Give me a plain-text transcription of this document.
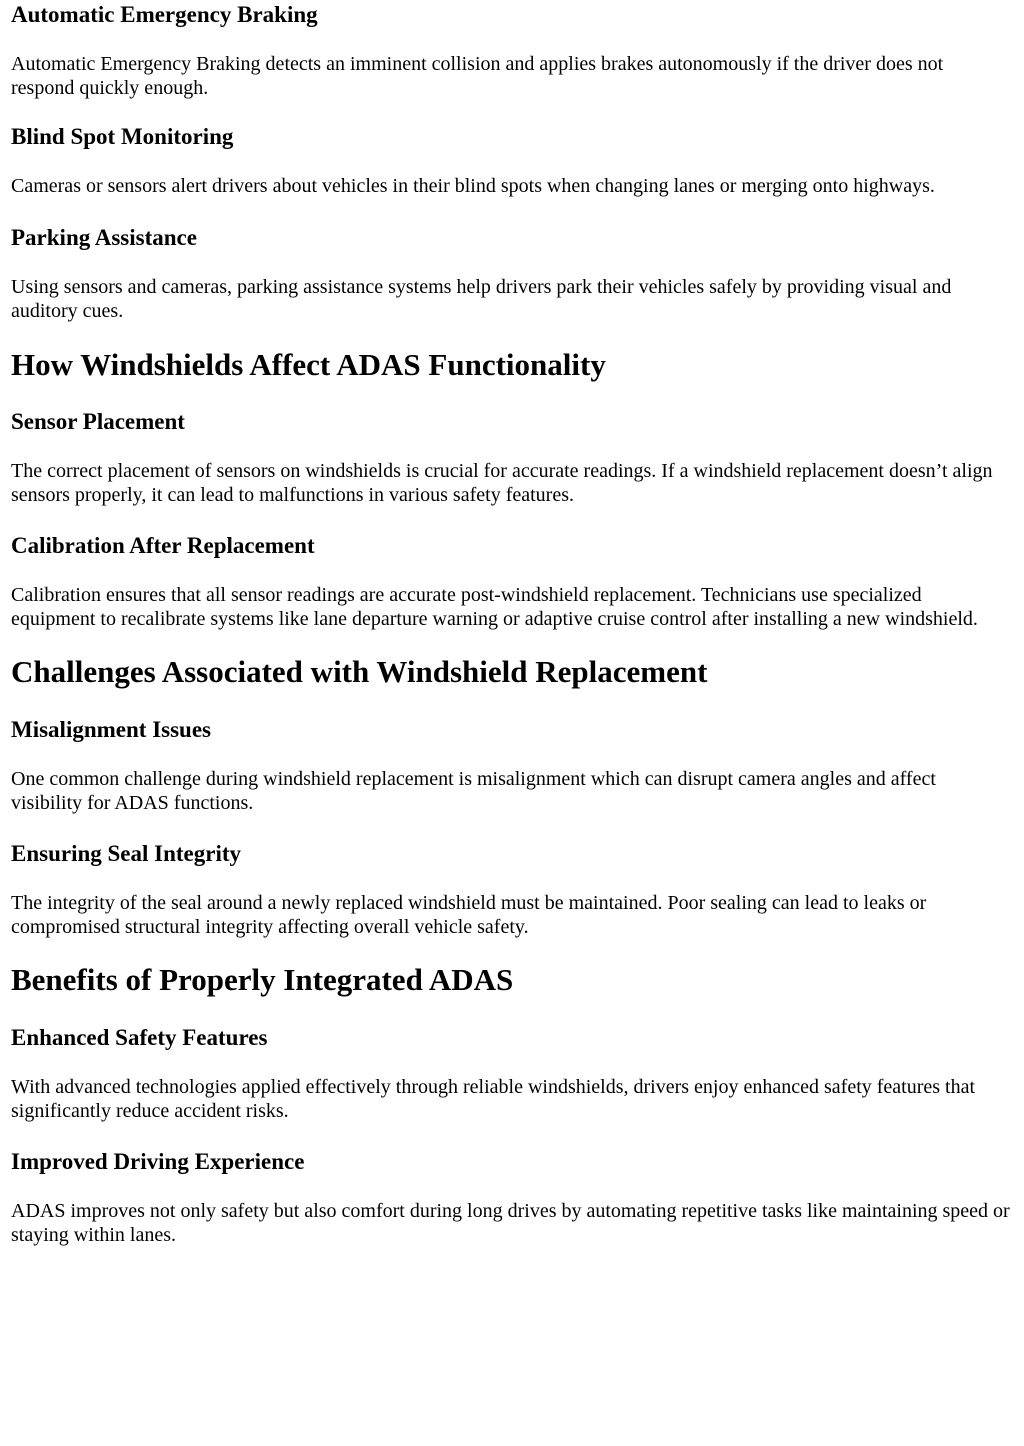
Automatic Emergency Braking

Automatic Emergency Braking detects an imminent collision and applies brakes autonomously if the driver does not respond quickly enough.

Blind Spot Monitoring

Cameras or sensors alert drivers about vehicles in their blind spots when changing lanes or merging onto highways.

Parking Assistance

Using sensors and cameras, parking assistance systems help drivers park their vehicles safely by providing visual and auditory cues.

How Windshields Affect ADAS Functionality
Sensor Placement

The correct placement of sensors on windshields is crucial for accurate readings. If a windshield replacement doesn’t align sensors properly, it can lead to malfunctions in various safety features.

Calibration After Replacement

Calibration ensures that all sensor readings are accurate post-windshield replacement. Technicians use specialized equipment to recalibrate systems like lane departure warning or adaptive cruise control after installing a new windshield.

Challenges Associated with Windshield Replacement
Misalignment Issues

One common challenge during windshield replacement is misalignment which can disrupt camera angles and affect visibility for ADAS functions.

Ensuring Seal Integrity

The integrity of the seal around a newly replaced windshield must be maintained. Poor sealing can lead to leaks or compromised structural integrity affecting overall vehicle safety.

Benefits of Properly Integrated ADAS
Enhanced Safety Features

With advanced technologies applied effectively through reliable windshields, drivers enjoy enhanced safety features that significantly reduce accident risks.

Improved Driving Experience

ADAS improves not only safety but also comfort during long drives by automating repetitive tasks like maintaining speed or staying within lanes.
